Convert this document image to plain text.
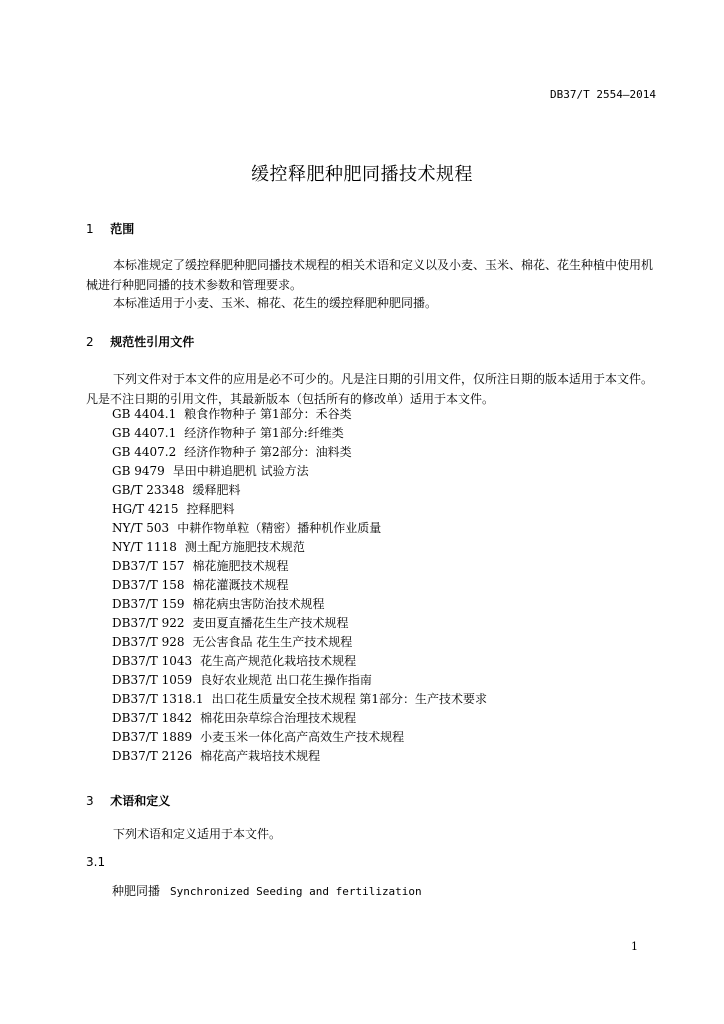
DB37/T 2554—2014
缓控释肥种肥同播技术规程
1 范围
本标准规定了缓控释肥种肥同播技术规程的相关术语和定义以及小麦、玉米、棉花、花生种植中使用机械进行种肥同播的技术参数和管理要求。
本标准适用于小麦、玉米、棉花、花生的缓控释肥种肥同播。
2 规范性引用文件
下列文件对于本文件的应用是必不可少的。凡是注日期的引用文件，仅所注日期的版本适用于本文件。凡是不注日期的引用文件，其最新版本（包括所有的修改单）适用于本文件。
GB 4404.1 粮食作物种子 第1部分：禾谷类
GB 4407.1 经济作物种子 第1部分:纤维类
GB 4407.2 经济作物种子 第2部分：油料类
GB 9479 旱田中耕追肥机 试验方法
GB/T 23348 缓释肥料
HG/T 4215 控释肥料
NY/T 503 中耕作物单粒（精密）播种机作业质量
NY/T 1118 测土配方施肥技术规范
DB37/T 157 棉花施肥技术规程
DB37/T 158 棉花灌溉技术规程
DB37/T 159 棉花病虫害防治技术规程
DB37/T 922 麦田夏直播花生生产技术规程
DB37/T 928 无公害食品 花生生产技术规程
DB37/T 1043 花生高产规范化栽培技术规程
DB37/T 1059 良好农业规范 出口花生操作指南
DB37/T 1318.1 出口花生质量安全技术规程 第1部分：生产技术要求
DB37/T 1842 棉花田杂草综合治理技术规程
DB37/T 1889 小麦玉米一体化高产高效生产技术规程
DB37/T 2126 棉花高产栽培技术规程
3 术语和定义
下列术语和定义适用于本文件。
3.1
种肥同播 Synchronized Seeding and fertilization
1
